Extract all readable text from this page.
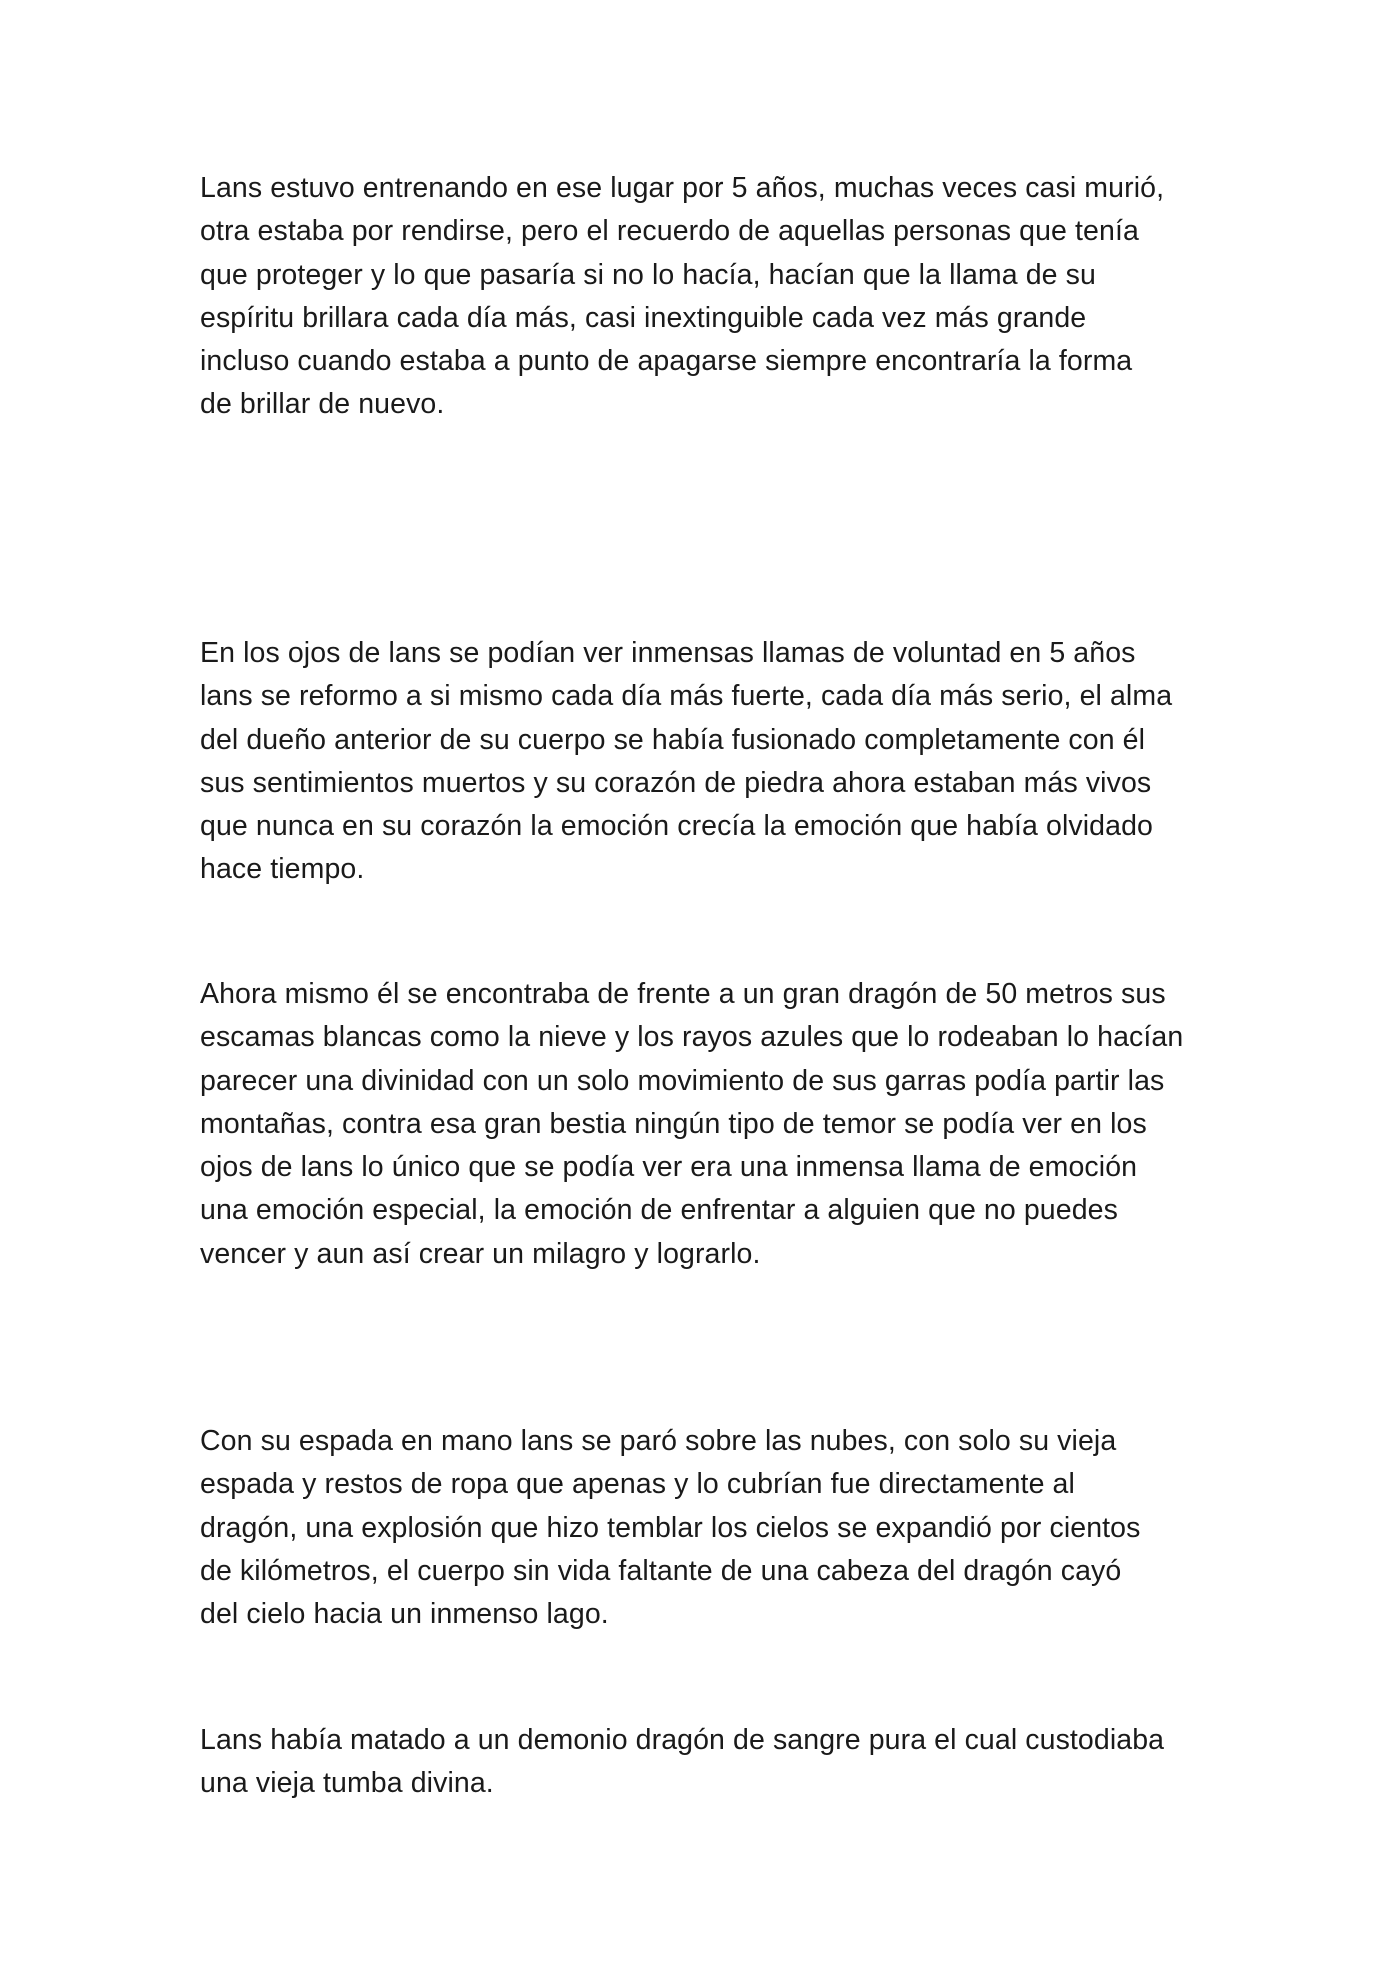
Lans estuvo entrenando en ese lugar por 5 años, muchas veces casi murió,
otra estaba por rendirse, pero el recuerdo de aquellas personas que tenía
que proteger y lo que pasaría si no lo hacía, hacían que la llama de su
espíritu brillara cada día más, casi inextinguible cada vez más grande
incluso cuando estaba a punto de apagarse siempre encontraría la forma
de brillar de nuevo.

En los ojos de lans se podían ver inmensas llamas de voluntad en 5 años
lans se reformo a si mismo cada día más fuerte, cada día más serio, el alma
del dueño anterior de su cuerpo se había fusionado completamente con él
sus sentimientos muertos y su corazón de piedra ahora estaban más vivos
que nunca en su corazón la emoción crecía la emoción que había olvidado
hace tiempo.

Ahora mismo él se encontraba de frente a un gran dragón de 50 metros sus
escamas blancas como la nieve y los rayos azules que lo rodeaban lo hacían
parecer una divinidad con un solo movimiento de sus garras podía partir las
montañas, contra esa gran bestia ningún tipo de temor se podía ver en los
ojos de lans lo único que se podía ver era una inmensa llama de emoción
una emoción especial, la emoción de enfrentar a alguien que no puedes
vencer y aun así crear un milagro y lograrlo.

Con su espada en mano lans se paró sobre las nubes, con solo su vieja
espada y restos de ropa que apenas y lo cubrían fue directamente al
dragón, una explosión que hizo temblar los cielos se expandió por cientos
de kilómetros, el cuerpo sin vida faltante de una cabeza del dragón cayó
del cielo hacia un inmenso lago.

Lans había matado a un demonio dragón de sangre pura el cual custodiaba
una vieja tumba divina.
